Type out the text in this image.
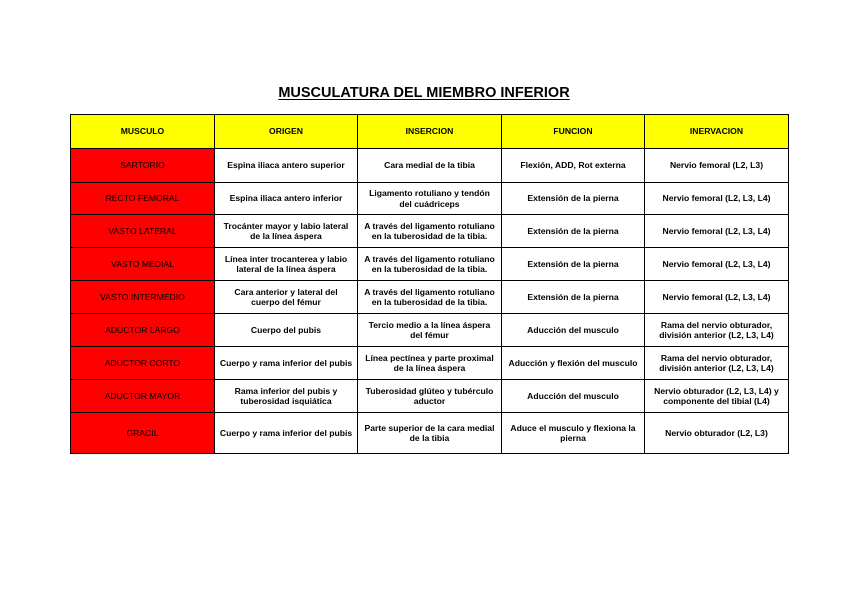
MUSCULATURA DEL MIEMBRO INFERIOR
MUSCULO	ORIGEN	INSERCION	FUNCION	INERVACION
SARTORIO	Espina iliaca antero superior	Cara medial de la tibia	Flexión, ADD, Rot externa	Nervio femoral (L2, L3)
RECTO FEMORAL	Espina iliaca antero inferior	Ligamento rotuliano y tendón del cuádriceps	Extensión de la pierna	Nervio femoral (L2, L3, L4)
VASTO LATERAL	Trocánter mayor y labio lateral de la línea áspera	A través del ligamento rotuliano en la tuberosidad de la tibia.	Extensión de la pierna	Nervio femoral (L2, L3, L4)
VASTO MEDIAL	Línea inter trocanterea y labio lateral de la línea áspera	A través del ligamento rotuliano en la tuberosidad de la tibia.	Extensión de la pierna	Nervio femoral (L2, L3, L4)
VASTO INTERMEDIO	Cara anterior y lateral del cuerpo del fémur	A través del ligamento rotuliano en la tuberosidad de la tibia.	Extensión de la pierna	Nervio femoral (L2, L3, L4)
ADUCTOR LARGO	Cuerpo del pubis	Tercio medio a la línea áspera del fémur	Aducción del musculo	Rama del nervio obturador, división anterior (L2, L3, L4)
ADUCTOR CORTO	Cuerpo y rama inferior del pubis	Línea pectínea y parte proximal de la línea áspera	Aducción y flexión del musculo	Rama del nervio obturador, división anterior (L2, L3, L4)
ADUCTOR MAYOR	Rama inferior del pubis y tuberosidad isquiática	Tuberosidad glúteo y tubérculo aductor	Aducción del musculo	Nervio obturador (L2, L3, L4) y componente del tibial (L4)
GRACIL	Cuerpo y rama inferior del pubis	Parte superior de la cara medial de la tibia	Aduce el musculo y flexiona la pierna	Nervio obturador (L2, L3)
